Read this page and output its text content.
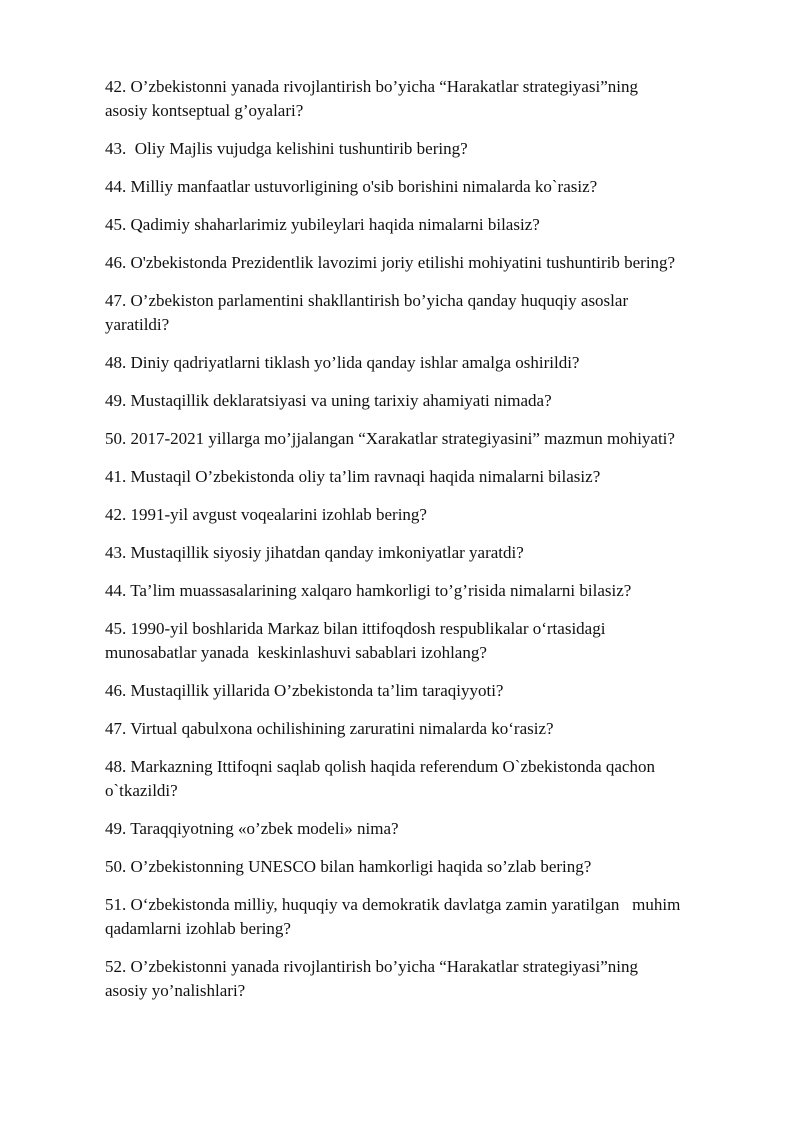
42. O’zbekistonni yanada rivojlantirish bo’yicha “Harakatlar strategiyasi”ning
asosiy kontseptual g’oyalari?
43.  Oliy Majlis vujudga kelishini tushuntirib bering?
44. Milliy manfaatlar ustuvorligining o'sib borishini nimalarda ko`rasiz?
45. Qadimiy shaharlarimiz yubileylari haqida nimalarni bilasiz?
46. O'zbekistonda Prezidentlik lavozimi joriy etilishi mohiyatini tushuntirib bering?
47. O’zbekiston parlamentini shakllantirish bo’yicha qanday huquqiy asoslar
yaratildi?
48. Diniy qadriyatlarni tiklash yo’lida qanday ishlar amalga oshirildi?
49. Mustaqillik deklaratsiyasi va uning tarixiy ahamiyati nimada?
50. 2017-2021 yillarga mo’jjalangan “Xarakatlar strategiyasini” mazmun mohiyati?
41. Mustaqil O’zbekistonda oliy ta’lim ravnaqi haqida nimalarni bilasiz?
42. 1991-yil avgust voqealarini izohlab bering?
43. Mustaqillik siyosiy jihatdan qanday imkoniyatlar yaratdi?
44. Ta’lim muassasalarining xalqaro hamkorligi to’g’risida nimalarni bilasiz?
45. 1990-yil boshlarida Markaz bilan ittifoqdosh respublikalar o‘rtasidagi
munosabatlar yanada  keskinlashuvi sabablari izohlang?
46. Mustaqillik yillarida O’zbekistonda ta’lim taraqiyyoti?
47. Virtual qabulxona ochilishining zaruratini nimalarda ko‘rasiz?
48. Markazning Ittifoqni saqlab qolish haqida referendum O`zbekistonda qachon
o`tkazildi?
49. Taraqqiyotning «o’zbek modeli» nima?
50. O’zbekistonning UNESCO bilan hamkorligi haqida so’zlab bering?
51. O‘zbekistonda milliy, huquqiy va demokratik davlatga zamin yaratilgan   muhim
qadamlarni izohlab bering?
52. O’zbekistonni yanada rivojlantirish bo’yicha “Harakatlar strategiyasi”ning
asosiy yo’nalishlari?
